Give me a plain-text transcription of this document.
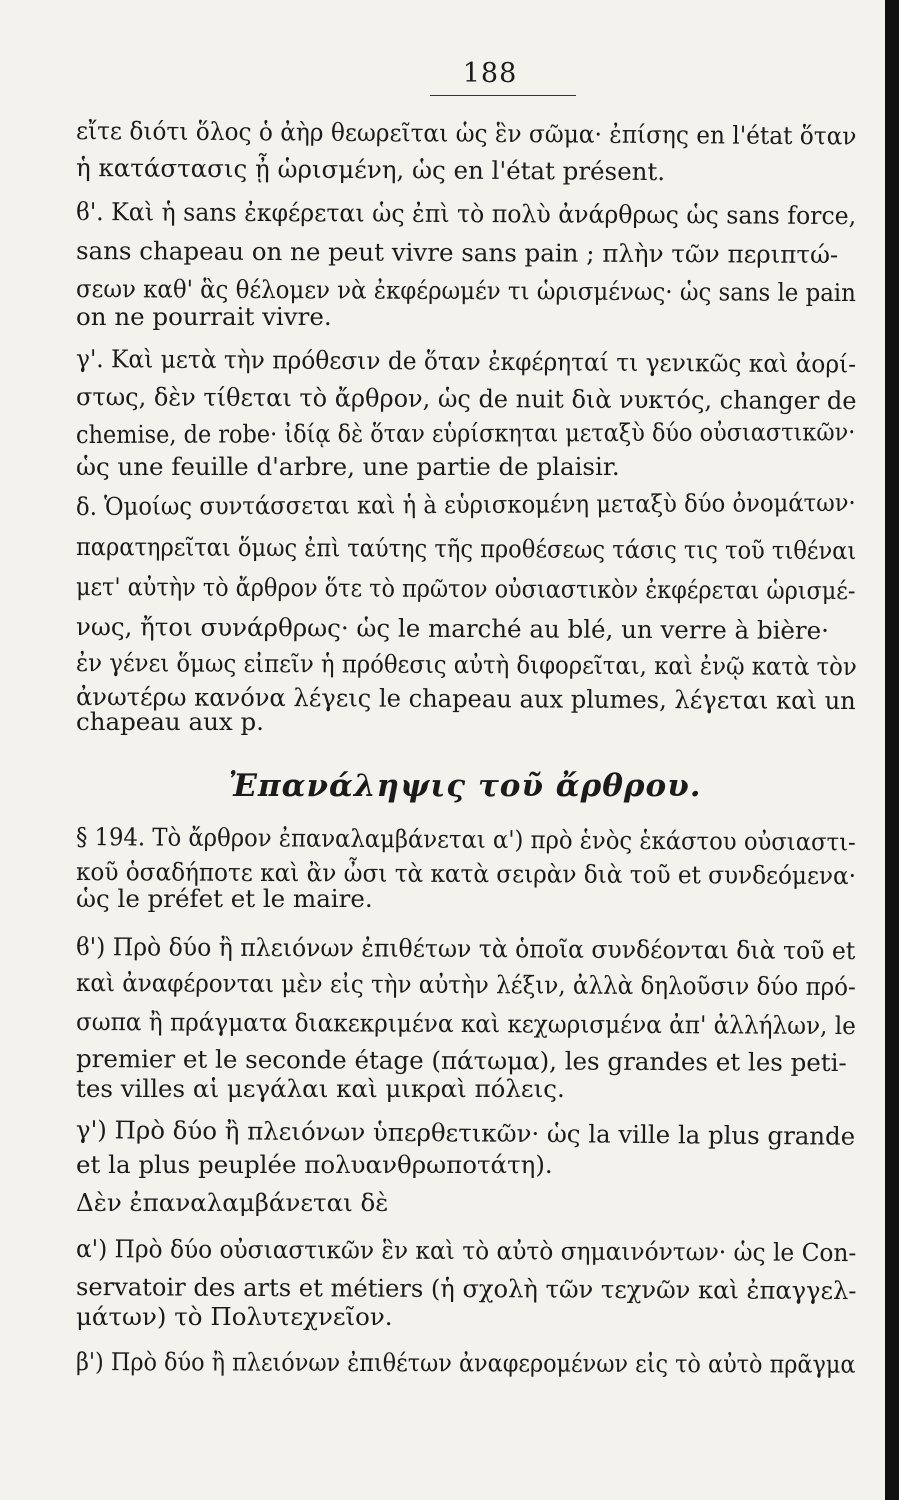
188
εἴτε διότι ὅλος ὁ ἀὴρ θεωρεῖται ὡς ἓν σῶμα· ἐπίσης en l'état ὅταν
ἡ κατάστασις ᾖ ὡρισμένη, ὡς en l'état présent.
ϐ'. Καὶ ἡ sans ἐκφέρεται ὡς ἐπὶ τὸ πολὺ ἀνάρθρως ὡς sans force,
sans chapeau on ne peut vivre sans pain ; πλὴν τῶν περιπτώ-
σεων καθ' ἃς θέλομεν νὰ ἐκφέρωμέν τι ὡρισμένως· ὡς sans le pain
on ne pourrait vivre.
γ'. Καὶ μετὰ τὴν πρόθεσιν de ὅταν ἐκφέρηταί τι γενικῶς καὶ ἀορί-
στως, δὲν τίθεται τὸ ἄρθρον, ὡς de nuit διὰ νυκτός, changer de
chemise, de robe· ἰδίᾳ δὲ ὅταν εὑρίσκηται μεταξὺ δύο οὐσιαστικῶν·
ὡς une feuille d'arbre, une partie de plaisir.
δ. Ὁμοίως συντάσσεται καὶ ἡ à εὑρισκομένη μεταξὺ δύο ὀνομάτων·
παρατηρεῖται ὅμως ἐπὶ ταύτης τῆς προθέσεως τάσις τις τοῦ τιθέναι
μετ' αὐτὴν τὸ ἄρθρον ὅτε τὸ πρῶτον οὐσιαστικὸν ἐκφέρεται ὡρισμέ-
νως, ἤτοι συνάρθρως· ὡς le marché au blé, un verre à bière·
ἐν γένει ὅμως εἰπεῖν ἡ πρόθεσις αὐτὴ διφορεῖται, καὶ ἐνῷ κατὰ τὸν
ἀνωτέρω κανόνα λέγεις le chapeau aux plumes, λέγεται καὶ un
chapeau aux p.
Ἐπανάληψις τοῦ ἄρθρου.
§ 194. Τὸ ἄρθρον ἐπαναλαμβάνεται α') πρὸ ἑνὸς ἑκάστου οὐσιαστι-
κοῦ ὁσαδήποτε καὶ ἂν ὦσι τὰ κατὰ σειρὰν διὰ τοῦ et συνδεόμενα·
ὡς le préfet et le maire.
ϐ') Πρὸ δύο ἢ πλειόνων ἐπιθέτων τὰ ὁποῖα συνδέονται διὰ τοῦ et
καὶ ἀναφέρονται μὲν εἰς τὴν αὐτὴν λέξιν, ἀλλὰ δηλοῦσιν δύο πρό-
σωπα ἢ πράγματα διακεκριμένα καὶ κεχωρισμένα ἀπ' ἀλλήλων, le
premier et le seconde étage (πάτωμα), les grandes et les peti-
tes villes αἱ μεγάλαι καὶ μικραὶ πόλεις.
γ') Πρὸ δύο ἢ πλειόνων ὑπερθετικῶν· ὡς la ville la plus grande
et la plus peuplée πολυανθρωποτάτη).
Δὲν ἐπαναλαμβάνεται δὲ
α') Πρὸ δύο οὐσιαστικῶν ἓν καὶ τὸ αὐτὸ σημαινόντων· ὡς le Con-
servatoir des arts et métiers (ἡ σχολὴ τῶν τεχνῶν καὶ ἐπαγγελ-
μάτων) τὸ Πολυτεχνεῖον.
β') Πρὸ δύο ἢ πλειόνων ἐπιθέτων ἀναφερομένων εἰς τὸ αὐτὸ πρᾶγμα
